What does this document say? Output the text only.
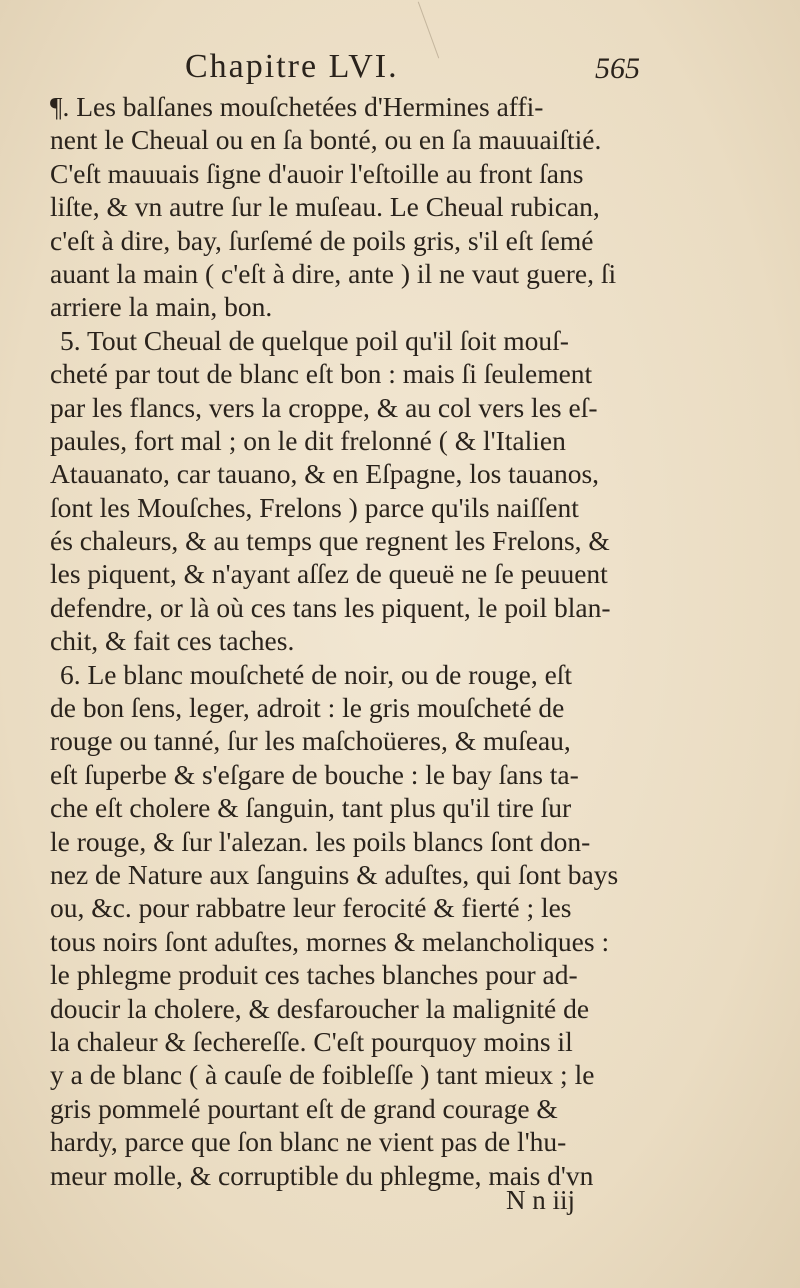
Chapitre LVI.	565
¶. Les balſanes mouſchetées d'Hermines affi-
nent le Cheual ou en ſa bonté, ou en ſa mauuaiſtié.
C'eſt mauuais ſigne d'auoir l'eſtoille au front ſans
liſte, & vn autre ſur le muſeau. Le Cheual rubican,
c'eſt à dire, bay, ſurſemé de poils gris, s'il eſt ſemé
auant la main ( c'eſt à dire, ante ) il ne vaut guere, ſi
arriere la main, bon.
5. Tout Cheual de quelque poil qu'il ſoit mouſ-
cheté par tout de blanc eſt bon : mais ſi ſeulement
par les flancs, vers la croppe, & au col vers les eſ-
paules, fort mal ; on le dit frelonné ( & l'Italien
Atauanato, car tauano, & en Eſpagne, los tauanos,
ſont les Mouſches, Frelons ) parce qu'ils naiſſent
és chaleurs, & au temps que regnent les Frelons, &
les piquent, & n'ayant aſſez de queuë ne ſe peuuent
defendre, or là où ces tans les piquent, le poil blan-
chit, & fait ces taches.
6. Le blanc mouſcheté de noir, ou de rouge, eſt
de bon ſens, leger, adroit : le gris mouſcheté de
rouge ou tanné, ſur les maſchoüeres, & muſeau,
eſt ſuperbe & s'eſgare de bouche : le bay ſans ta-
che eſt cholere & ſanguin, tant plus qu'il tire ſur
le rouge, & ſur l'alezan. les poils blancs ſont don-
nez de Nature aux ſanguins & aduſtes, qui ſont bays
ou, &c. pour rabbatre leur ferocité & fierté ; les
tous noirs ſont aduſtes, mornes & melancholiques :
le phlegme produit ces taches blanches pour ad-
doucir la cholere, & desfaroucher la malignité de
la chaleur & ſechereſſe. C'eſt pourquoy moins il
y a de blanc ( à cauſe de foibleſſe ) tant mieux ; le
gris pommelé pourtant eſt de grand courage &
hardy, parce que ſon blanc ne vient pas de l'hu-
meur molle, & corruptible du phlegme, mais d'vn
N n iij
